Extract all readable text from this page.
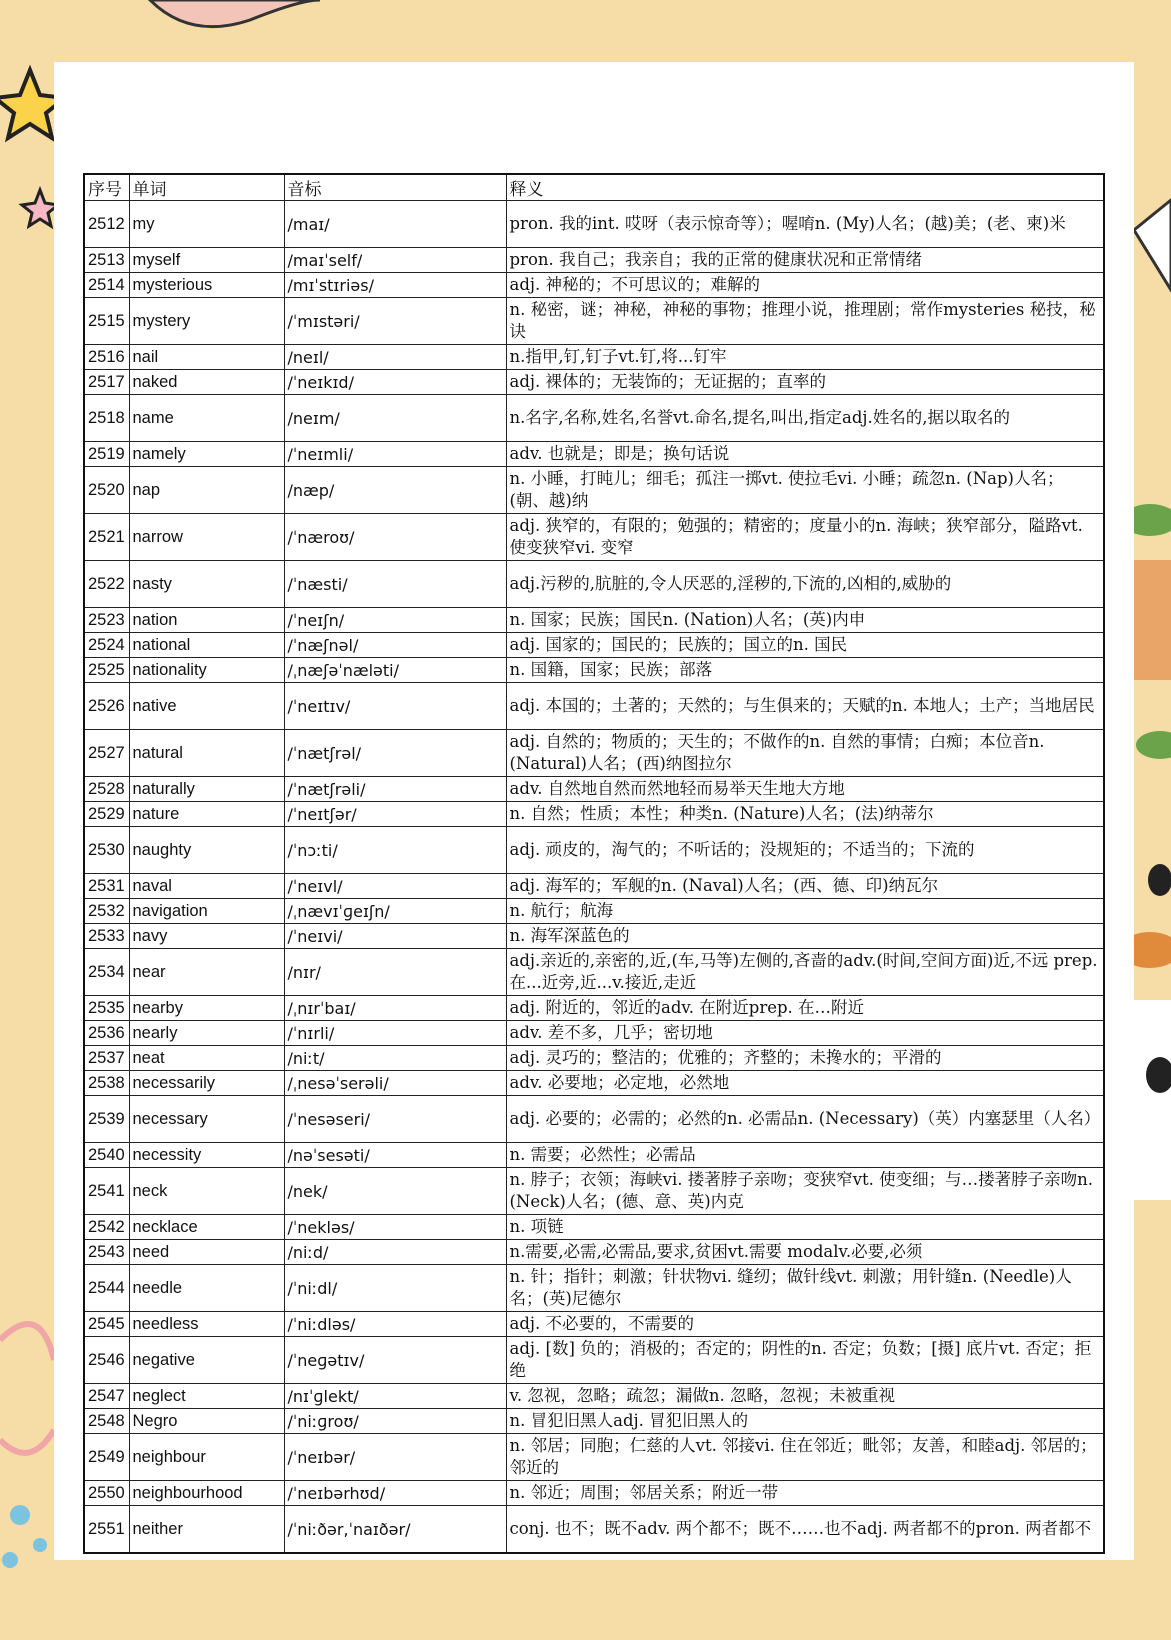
序号	单词	音标	释义
2512	my	/maɪ/	pron. 我的int. 哎呀（表示惊奇等）；喔唷n. (My)人名；(越)美；(老、柬)米
2513	myself	/maɪˈself/	pron. 我自己；我亲自；我的正常的健康状况和正常情绪
2514	mysterious	/mɪˈstɪriəs/	adj. 神秘的；不可思议的；难解的
2515	mystery	/ˈmɪstəri/	n. 秘密，谜；神秘，神秘的事物；推理小说，推理剧；常作mysteries 秘技，秘诀
2516	nail	/neɪl/	n.指甲,钉,钉子vt.钉,将...钉牢
2517	naked	/ˈneɪkɪd/	adj. 裸体的；无装饰的；无证据的；直率的
2518	name	/neɪm/	n.名字,名称,姓名,名誉vt.命名,提名,叫出,指定adj.姓名的,据以取名的
2519	namely	/ˈneɪmli/	adv. 也就是；即是；换句话说
2520	nap	/næp/	n. 小睡，打盹儿；细毛；孤注一掷vt. 使拉毛vi. 小睡；疏忽n. (Nap)人名；(朝、越)纳
2521	narrow	/ˈnæroʊ/	adj. 狭窄的，有限的；勉强的；精密的；度量小的n. 海峡；狭窄部分，隘路vt. 使变狭窄vi. 变窄
2522	nasty	/ˈnæsti/	adj.污秽的,肮脏的,令人厌恶的,淫秽的,下流的,凶相的,威胁的
2523	nation	/ˈneɪʃn/	n. 国家；民族；国民n. (Nation)人名；(英)内申
2524	national	/ˈnæʃnəl/	adj. 国家的；国民的；民族的；国立的n. 国民
2525	nationality	/ˌnæʃəˈnæləti/	n. 国籍，国家；民族；部落
2526	native	/ˈneɪtɪv/	adj. 本国的；土著的；天然的；与生俱来的；天赋的n. 本地人；土产；当地居民
2527	natural	/ˈnætʃrəl/	adj. 自然的；物质的；天生的；不做作的n. 自然的事情；白痴；本位音n. (Natural)人名；(西)纳图拉尔
2528	naturally	/ˈnætʃrəli/	adv. 自然地自然而然地轻而易举天生地大方地
2529	nature	/ˈneɪtʃər/	n. 自然；性质；本性；种类n. (Nature)人名；(法)纳蒂尔
2530	naughty	/ˈnɔːti/	adj. 顽皮的，淘气的；不听话的；没规矩的；不适当的；下流的
2531	naval	/ˈneɪvl/	adj. 海军的；军舰的n. (Naval)人名；(西、德、印)纳瓦尔
2532	navigation	/ˌnævɪˈɡeɪʃn/	n. 航行；航海
2533	navy	/ˈneɪvi/	n. 海军深蓝色的
2534	near	/nɪr/	adj.亲近的,亲密的,近,(车,马等)左侧的,吝啬的adv.(时间,空间方面)近,不远 prep.在...近旁,近...v.接近,走近
2535	nearby	/ˌnɪrˈbaɪ/	adj. 附近的，邻近的adv. 在附近prep. 在…附近
2536	nearly	/ˈnɪrli/	adv. 差不多，几乎；密切地
2537	neat	/niːt/	adj. 灵巧的；整洁的；优雅的；齐整的；未搀水的；平滑的
2538	necessarily	/ˌnesəˈserəli/	adv. 必要地；必定地，必然地
2539	necessary	/ˈnesəseri/	adj. 必要的；必需的；必然的n. 必需品n. (Necessary)（英）内塞瑟里（人名）
2540	necessity	/nəˈsesəti/	n. 需要；必然性；必需品
2541	neck	/nek/	n. 脖子；衣领；海峡vi. 搂著脖子亲吻；变狭窄vt. 使变细；与…搂著脖子亲吻n. (Neck)人名；(德、意、英)内克
2542	necklace	/ˈnekləs/	n. 项链
2543	need	/niːd/	n.需要,必需,必需品,要求,贫困vt.需要 modalv.必要,必须
2544	needle	/ˈniːdl/	n. 针；指针；刺激；针状物vi. 缝纫；做针线vt. 刺激；用针缝n. (Needle)人名；(英)尼德尔
2545	needless	/ˈniːdləs/	adj. 不必要的，不需要的
2546	negative	/ˈneɡətɪv/	adj. [数] 负的；消极的；否定的；阴性的n. 否定；负数；[摄] 底片vt. 否定；拒绝
2547	neglect	/nɪˈɡlekt/	v. 忽视，忽略；疏忽；漏做n. 忽略，忽视；未被重视
2548	Negro	/ˈniːɡroʊ/	n. 冒犯旧黑人adj. 冒犯旧黑人的
2549	neighbour	/ˈneɪbər/	n. 邻居；同胞；仁慈的人vt. 邻接vi. 住在邻近；毗邻；友善，和睦adj. 邻居的；邻近的
2550	neighbourhood	/ˈneɪbərhʊd/	n. 邻近；周围；邻居关系；附近一带
2551	neither	/ˈniːðər,ˈnaɪðər/	conj. 也不；既不adv. 两个都不；既不……也不adj. 两者都不的pron. 两者都不
